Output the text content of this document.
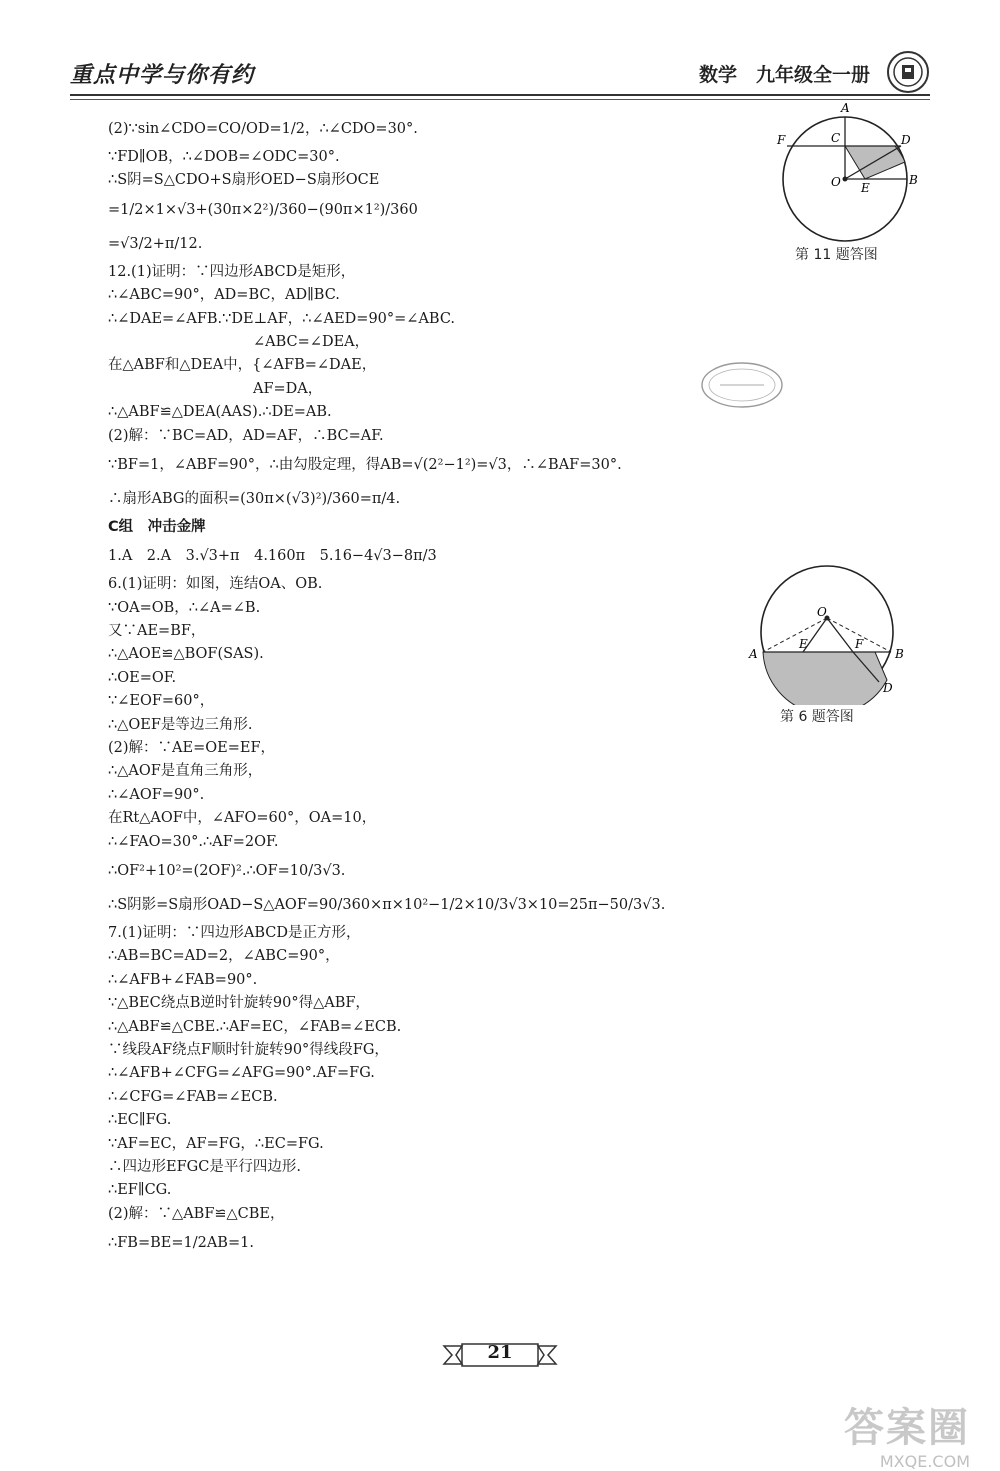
重点中学与你有约	数学　九年级全一册
(2)∵sin∠CDO=CO/OD=1/2，∴∠CDO=30°.
∵FD∥OB，∴∠DOB=∠ODC=30°.
∴S阴=S△CDO+S扇形OED−S扇形OCE
=1/2×1×√3+(30π×2²)/360−(90π×1²)/360
=√3/2+π/12.
12.(1)证明：∵四边形ABCD是矩形，
∴∠ABC=90°，AD=BC，AD∥BC.
∴∠DAE=∠AFB.∵DE⊥AF，∴∠AED=90°=∠ABC.
　　　　　　　　　　∠ABC=∠DEA，
在△ABF和△DEA中，{∠AFB=∠DAE，
　　　　　　　　　　AF=DA，
∴△ABF≌△DEA(AAS).∴DE=AB.
(2)解：∵BC=AD，AD=AF，∴BC=AF.
∵BF=1，∠ABF=90°，∴由勾股定理，得AB=√(2²−1²)=√3，∴∠BAF=30°.
∴扇形ABG的面积=(30π×(√3)²)/360=π/4.
C组　冲击金牌
1.A　2.A　3.√3+π　4.160π　5.16−4√3−8π/3
6.(1)证明：如图，连结OA、OB.
∵OA=OB，∴∠A=∠B.
又∵AE=BF，
∴△AOE≌△BOF(SAS).
∴OE=OF.
∵∠EOF=60°，
∴△OEF是等边三角形.
(2)解：∵AE=OE=EF，
∴△AOF是直角三角形，
∴∠AOF=90°.
在Rt△AOF中，∠AFO=60°，OA=10，
∴∠FAO=30°.∴AF=2OF.
∴OF²+10²=(2OF)².∴OF=10/3√3.
∴S阴影=S扇形OAD−S△AOF=90/360×π×10²−1/2×10/3√3×10=25π−50/3√3.
7.(1)证明：∵四边形ABCD是正方形，
∴AB=BC=AD=2，∠ABC=90°，
∴∠AFB+∠FAB=90°.
∵△BEC绕点B逆时针旋转90°得△ABF，
∴△ABF≌△CBE.∴AF=EC，∠FAB=∠ECB.
∵线段AF绕点F顺时针旋转90°得线段FG，
∴∠AFB+∠CFG=∠AFG=90°.AF=FG.
∴∠CFG=∠FAB=∠ECB.
∴EC∥FG.
∵AF=EC，AF=FG，∴EC=FG.
∴四边形EFGC是平行四边形.
∴EF∥CG.
(2)解：∵△ABF≌△CBE，
∴FB=BE=1/2AB=1.
A
C	D
F
O E
B
第 11 题答图
O
A
E	F
B
D
第 6 题答图
21
答案圈
MXQE.COM
